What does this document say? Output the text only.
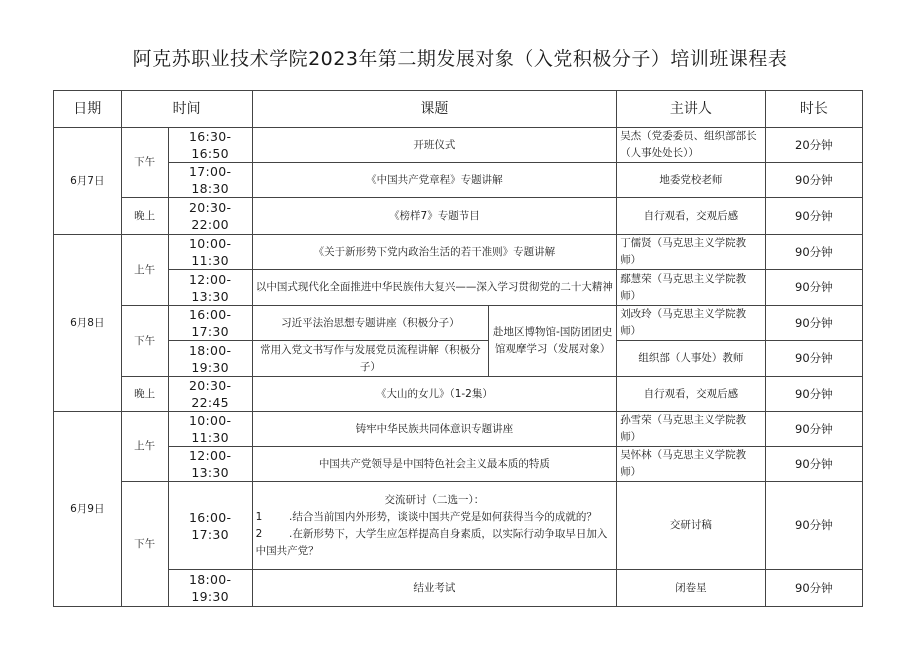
阿克苏职业技术学院2023年第二期发展对象（入党积极分子）培训班课程表
日期	时间		课题		主讲人	时长
6月7日	下午	16:30-16:50	开班仪式		吴杰（党委委员、组织部部长（人事处处长））	20分钟
		17:00-18:30	《中国共产党章程》专题讲解		地委党校老师	90分钟
	晚上	20:30-22:00	《榜样7》专题节目		自行观看，交观后感	90分钟
6月8日	上午	10:00-11:30	《关于新形势下党内政治生活的若干准则》专题讲解		丁儒贤（马克思主义学院教师）	90分钟
		12:00-13:30	以中国式现代化全面推进中华民族伟大复兴——深入学习贯彻党的二十大精神		鄢慧荣（马克思主义学院教师）	90分钟
	下午	16:00-17:30	习近平法治思想专题讲座（积极分子）	赴地区博物馆-国防团团史馆观摩学习（发展对象）	刘改玲（马克思主义学院教师）	90分钟
		18:00-19:30	常用入党文书写作与发展党员流程讲解（积极分子）		组织部（人事处）教师	90分钟
	晚上	20:30-22:45	《大山的女儿》（1-2集）		自行观看，交观后感	90分钟
6月9日	上午	10:00-11:30	铸牢中华民族共同体意识专题讲座		孙雪荣（马克思主义学院教师）	90分钟
		12:00-13:30	中国共产党领导是中国特色社会主义最本质的特质		吴怀林（马克思主义学院教师）	90分钟
	下午	16:00-17:30	交流研讨（二选一）：
1        .结合当前国内外形势，谈谈中国共产党是如何获得当今的成就的？
2        .在新形势下，大学生应怎样提高自身素质，以实际行动争取早日加入中国共产党？		交研讨稿	90分钟
		18:00-19:30	结业考试		闭卷星	90分钟
